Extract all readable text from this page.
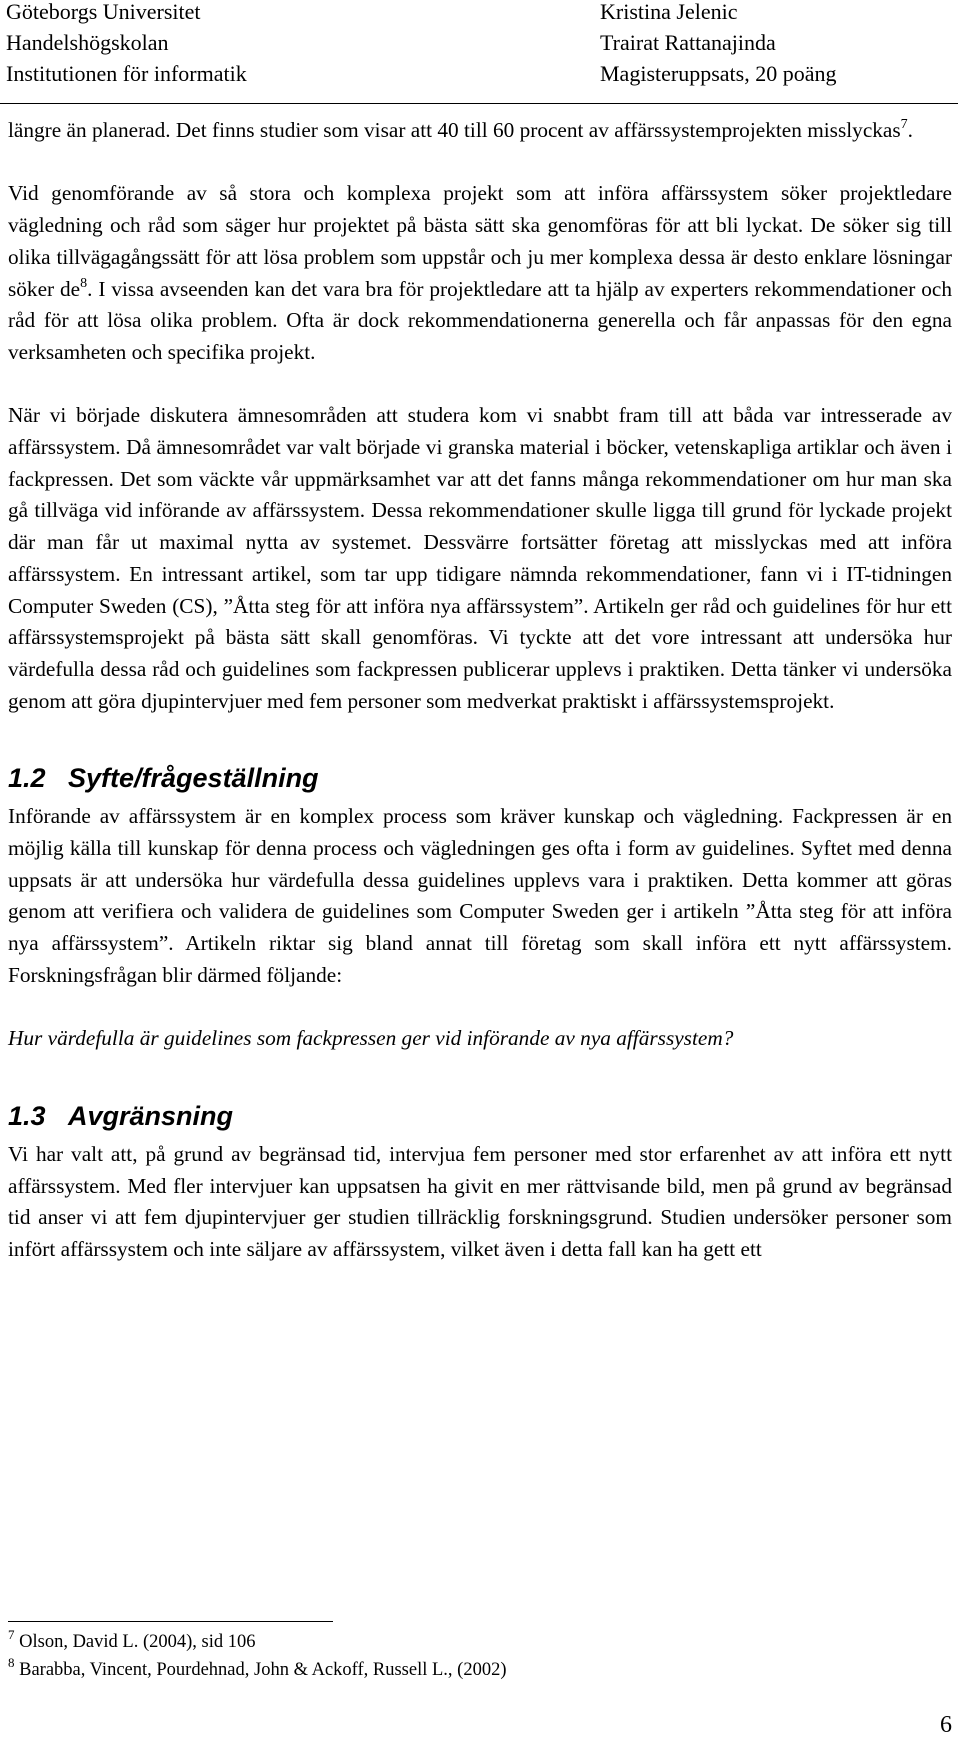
Göteborgs Universitet
Handelshögskolan
Institutionen för informatik
Kristina Jelenic
Trairat Rattanajinda
Magisteruppsats, 20 poäng

längre än planerad. Det finns studier som visar att 40 till 60 procent av affärssystemprojekten misslyckas$^7$.

Vid genomförande av så stora och komplexa projekt som att införa affärssystem söker projektledare vägledning och råd som säger hur projektet på bästa sätt ska genomföras för att bli lyckat. De söker sig till olika tillvägagångssätt för att lösa problem som uppstår och ju mer komplexa dessa är desto enklare lösningar söker $de^8$. I vissa avseenden kan det vara bra för projektledare att ta hjälp av experters rekommendationer och råd för att lösa olika problem. Ofta är dock rekommendationerna generella och får anpassas för den egna verksamheten och specifika projekt.

När vi började diskutera ämnesområden att studera kom vi snabbt fram till att båda var intresserade av affärssystem. Då ämnesområdet var valt började vi granska material i böcker, vetenskapliga artiklar och även i fackpressen. Det som väckte vår uppmärksamhet var att det fanns många rekommendationer om hur man ska gå tillväga vid införande av affärssystem. Dessa rekommendationer skulle ligga till grund för lyckade projekt där man får ut maximal nytta av systemet. Dessvärre fortsätter företag att misslyckas med att införa affärssystem. En intressant artikel, som tar upp tidigare nämnda rekommendationer, fann vi i IT-tidningen Computer Sweden (CS), ”Åtta steg för att införa nya affärssystem”. Artikeln ger råd och guidelines för hur ett affärssystemsprojekt på bästa sätt skall genomföras. Vi tyckte att det vore intressant att undersöka hur värdefulla dessa råd och guidelines som fackpressen publicerar upplevs i praktiken. Detta tänker vi undersöka genom att göra djupintervjuer med fem personer som medverkat praktiskt i affärssystemsprojekt.

1.2 Syfte/frågeställning

Införande av affärssystem är en komplex process som kräver kunskap och vägledning. Fackpressen är en möjlig källa till kunskap för denna process och vägledningen ges ofta i form av guidelines. Syftet med denna uppsats är att undersöka hur värdefulla dessa guidelines upplevs vara i praktiken. Detta kommer att göras genom att verifiera och validera de guidelines som Computer Sweden ger i artikeln ”Åtta steg för att införa nya affärssystem”. Artikeln riktar sig bland annat till företag som skall införa ett nytt affärssystem. Forskningsfrågan blir därmed följande:

Hur värdefulla är guidelines som fackpressen ger vid införande av nya affärssystem?

1.3 Avgränsning

Vi har valt att, på grund av begränsad tid, intervjua fem personer med stor erfarenhet av att införa ett nytt affärssystem. Med fler intervjuer kan uppsatsen ha givit en mer rättvisande bild, men på grund av begränsad tid anser vi att fem djupintervjuer ger studien tillräcklig forskningsgrund. Studien undersöker personer som infört affärssystem och inte säljare av affärssystem, vilket även i detta fall kan ha gett ett

$^7$ Olson, David L. (2004), sid 106
$^8$ Barabba, Vincent, Pourdehnad, John & Ackoff, Russell L., (2002)
6
